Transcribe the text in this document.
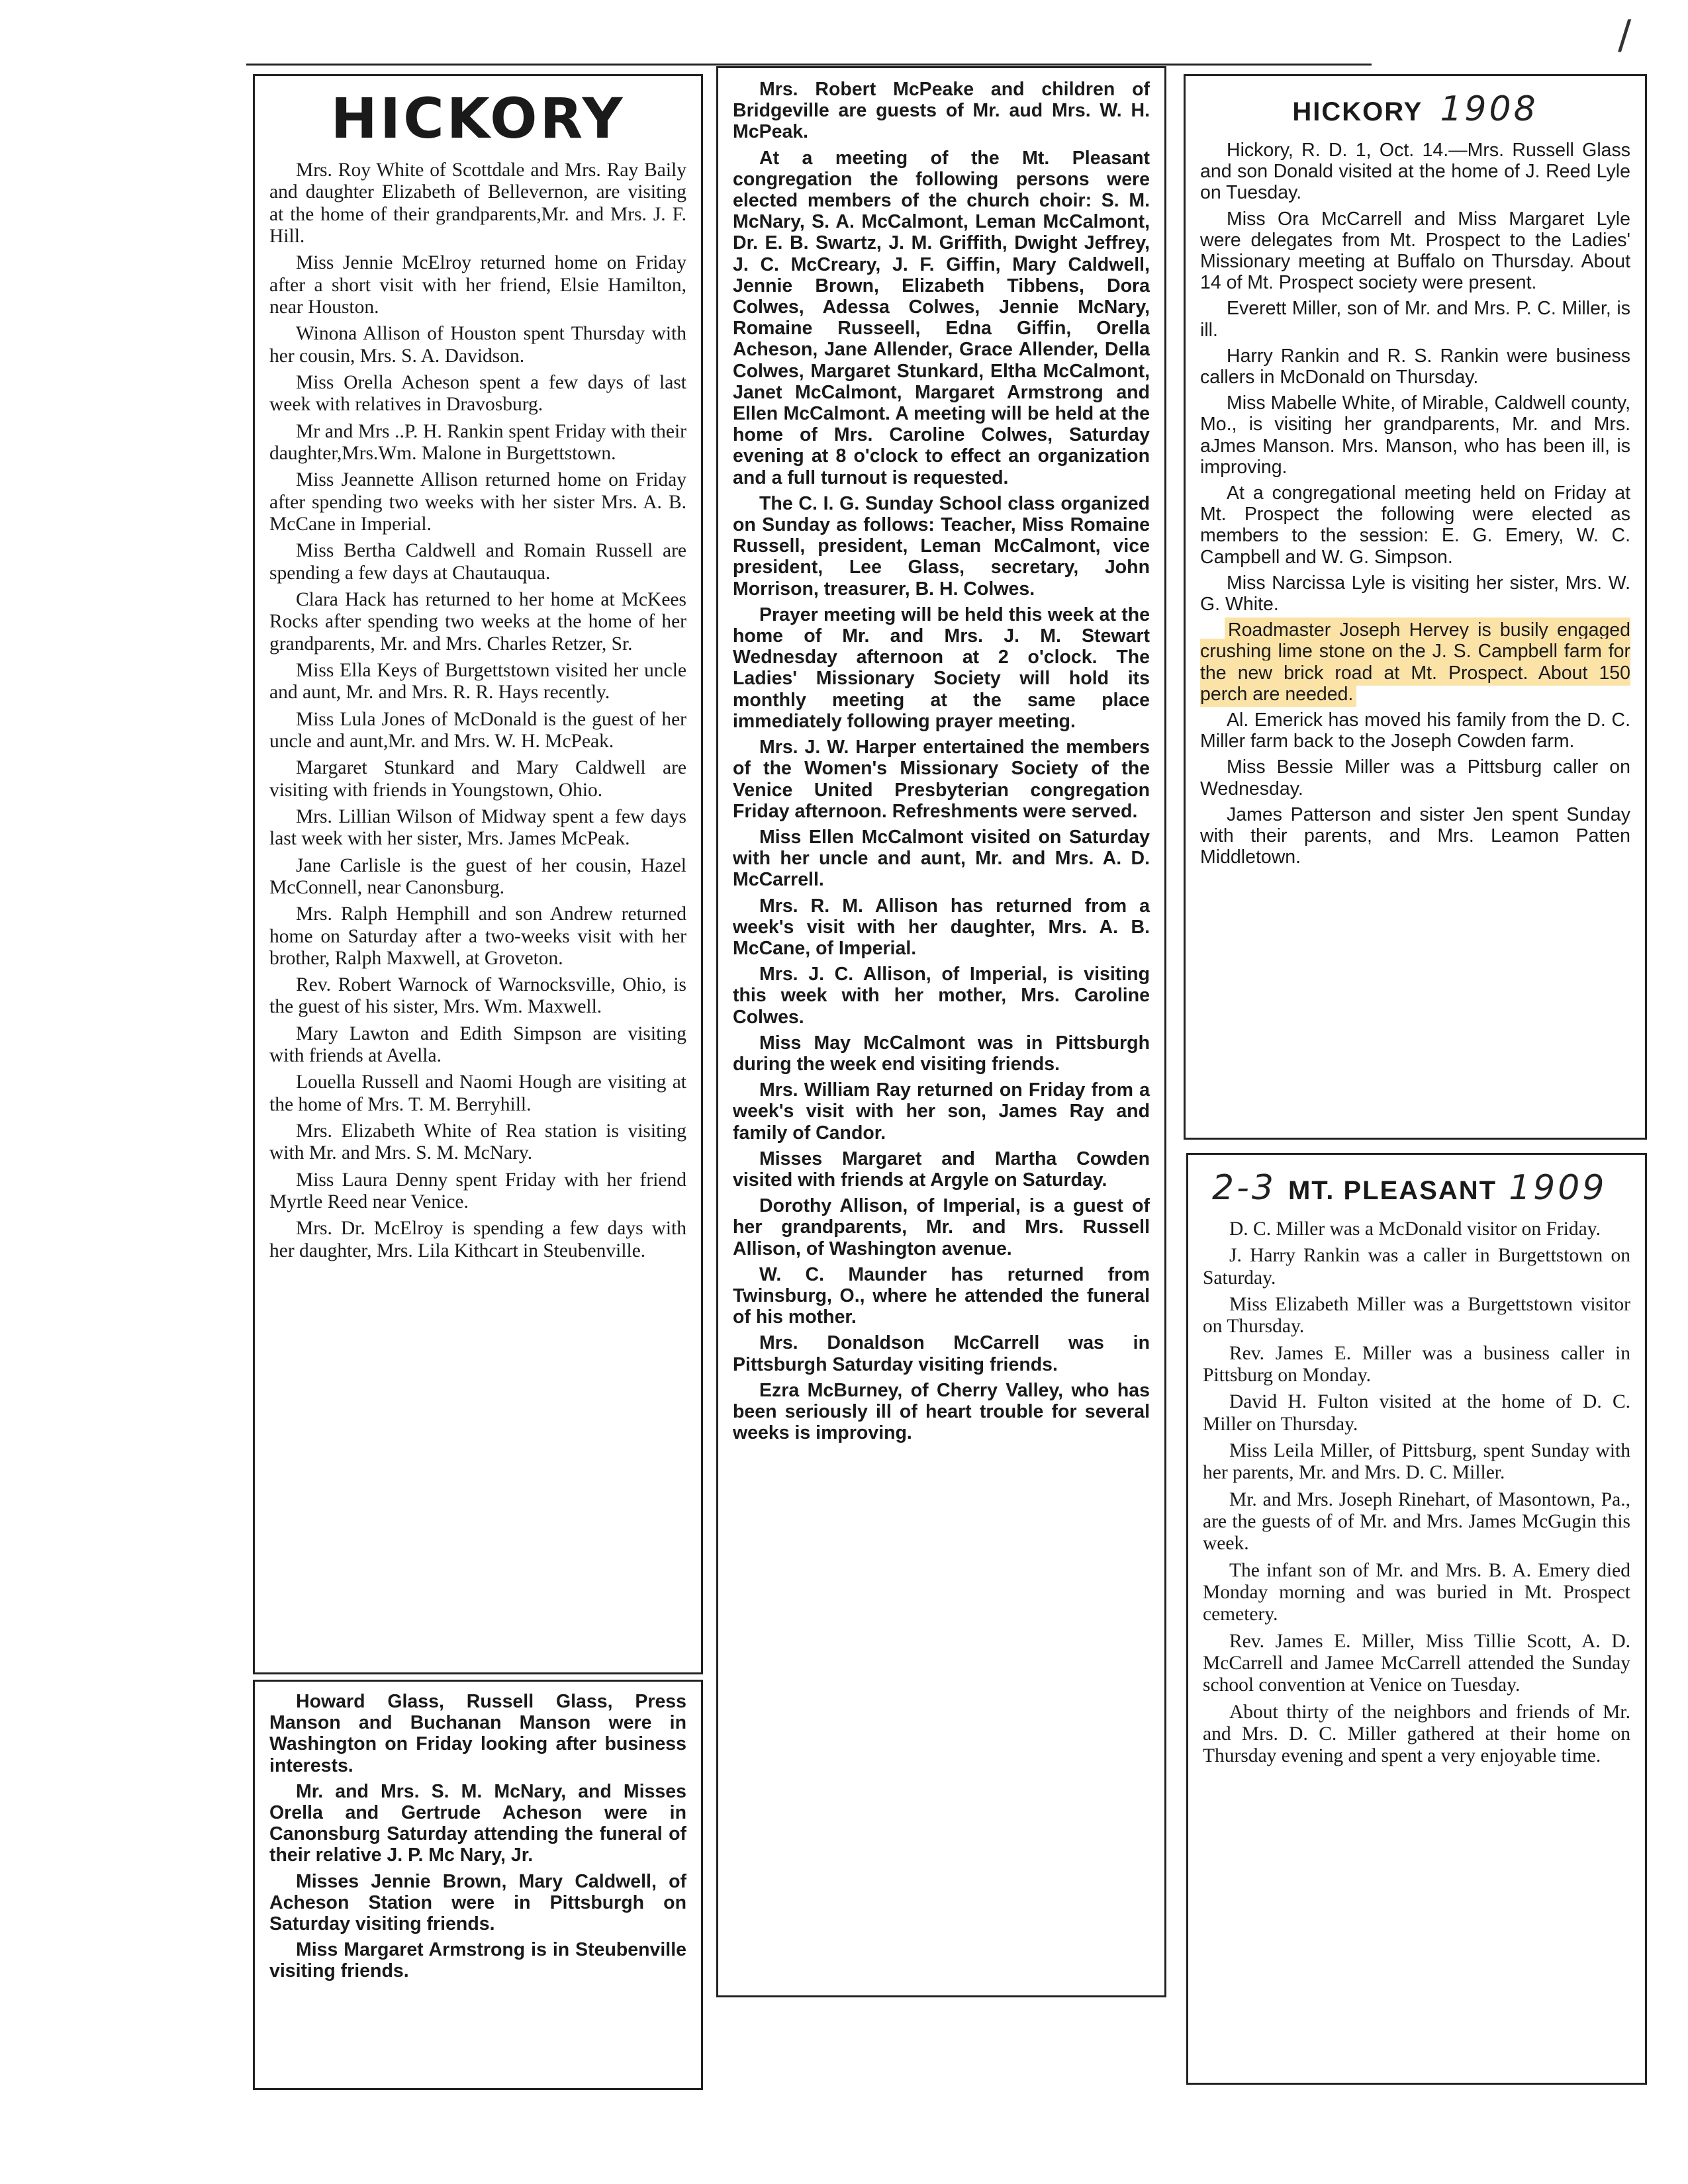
/
HICKORY

Mrs. Roy White of Scottdale and Mrs. Ray Baily and daughter Elizabeth of Bellevernon, are visiting at the home of their grandparents,Mr. and Mrs. J. F. Hill.

Miss Jennie McElroy returned home on Friday after a short visit with her friend, Elsie Hamilton, near Houston.

Winona Allison of Houston spent Thursday with her cousin, Mrs. S. A. Davidson.

Miss Orella Acheson spent a few days of last week with relatives in Dravosburg.

Mr and Mrs ..P. H. Rankin spent Friday with their daughter,Mrs.Wm. Malone in Burgettstown.

Miss Jeannette Allison returned home on Friday after spending two weeks with her sister Mrs. A. B. McCane in Imperial.

Miss Bertha Caldwell and Romain Russell are spending a few days at Chautauqua.

Clara Hack has returned to her home at McKees Rocks after spending two weeks at the home of her grandparents, Mr. and Mrs. Charles Retzer, Sr.

Miss Ella Keys of Burgettstown visited her uncle and aunt, Mr. and Mrs. R. R. Hays recently.

Miss Lula Jones of McDonald is the guest of her uncle and aunt,Mr. and Mrs. W. H. McPeak.

Margaret Stunkard and Mary Caldwell are visiting with friends in Youngstown, Ohio.

Mrs. Lillian Wilson of Midway spent a few days last week with her sister, Mrs. James McPeak.

Jane Carlisle is the guest of her cousin, Hazel McConnell, near Canonsburg.

Mrs. Ralph Hemphill and son Andrew returned home on Saturday after a two-weeks visit with her brother, Ralph Maxwell, at Groveton.

Rev. Robert Warnock of Warnocksville, Ohio, is the guest of his sister, Mrs. Wm. Maxwell.

Mary Lawton and Edith Simpson are visiting with friends at Avella.

Louella Russell and Naomi Hough are visiting at the home of Mrs. T. M. Berryhill.

Mrs. Elizabeth White of Rea station is visiting with Mr. and Mrs. S. M. McNary.

Miss Laura Denny spent Friday with her friend Myrtle Reed near Venice.

Mrs. Dr. McElroy is spending a few days with her daughter, Mrs. Lila Kithcart in Steubenville.

Howard Glass, Russell Glass, Press Manson and Buchanan Manson were in Washington on Friday looking after business interests.

Mr. and Mrs. S. M. McNary, and Misses Orella and Gertrude Acheson were in Canonsburg Saturday attending the funeral of their relative J. P. Mc Nary, Jr.

Misses Jennie Brown, Mary Caldwell, of Acheson Station were in Pittsburgh on Saturday visiting friends.

Miss Margaret Armstrong is in Steubenville visiting friends.

Mrs. Robert McPeake and children of Bridgeville are guests of Mr. aud Mrs. W. H. McPeak.

At a meeting of the Mt. Pleasant congregation the following persons were elected members of the church choir: S. M. McNary, S. A. McCalmont, Leman McCalmont, Dr. E. B. Swartz, J. M. Griffith, Dwight Jeffrey, J. C. McCreary, J. F. Giffin, Mary Caldwell, Jennie Brown, Elizabeth Tibbens, Dora Colwes, Adessa Colwes, Jennie McNary, Romaine Russeell, Edna Giffin, Orella Acheson, Jane Allender, Grace Allender, Della Colwes, Margaret Stunkard, Eltha McCalmont, Janet McCalmont, Margaret Armstrong and Ellen McCalmont. A meeting will be held at the home of Mrs. Caroline Colwes, Saturday evening at 8 o'clock to effect an organization and a full turnout is requested.

The C. I. G. Sunday School class organized on Sunday as follows: Teacher, Miss Romaine Russell, president, Leman McCalmont, vice president, Lee Glass, secretary, John Morrison, treasurer, B. H. Colwes.

Prayer meeting will be held this week at the home of Mr. and Mrs. J. M. Stewart Wednesday afternoon at 2 o'clock. The Ladies' Missionary Society will hold its monthly meeting at the same place immediately following prayer meeting.

Mrs. J. W. Harper entertained the members of the Women's Missionary Society of the Venice United Presbyterian congregation Friday afternoon. Refreshments were served.

Miss Ellen McCalmont visited on Saturday with her uncle and aunt, Mr. and Mrs. A. D. McCarrell.

Mrs. R. M. Allison has returned from a week's visit with her daughter, Mrs. A. B. McCane, of Imperial.

Mrs. J. C. Allison, of Imperial, is visiting this week with her mother, Mrs. Caroline Colwes.

Miss May McCalmont was in Pittsburgh during the week end visiting friends.

Mrs. William Ray returned on Friday from a week's visit with her son, James Ray and family of Candor.

Misses Margaret and Martha Cowden visited with friends at Argyle on Saturday.

Dorothy Allison, of Imperial, is a guest of her grandparents, Mr. and Mrs. Russell Allison, of Washington avenue.

W. C. Maunder has returned from Twinsburg, O., where he attended the funeral of his mother.

Mrs. Donaldson McCarrell was in Pittsburgh Saturday visiting friends.

Ezra McBurney, of Cherry Valley, who has been seriously ill of heart trouble for several weeks is improving.

HICKORY 1908

Hickory, R. D. 1, Oct. 14.—Mrs. Russell Glass and son Donald visited at the home of J. Reed Lyle on Tuesday.

Miss Ora McCarrell and Miss Margaret Lyle were delegates from Mt. Prospect to the Ladies' Missionary meeting at Buffalo on Thursday. About 14 of Mt. Prospect society were present.

Everett Miller, son of Mr. and Mrs. P. C. Miller, is ill.

Harry Rankin and R. S. Rankin were business callers in McDonald on Thursday.

Miss Mabelle White, of Mirable, Caldwell county, Mo., is visiting her grandparents, Mr. and Mrs. aJmes Manson. Mrs. Manson, who has been ill, is improving.

At a congregational meeting held on Friday at Mt. Prospect the following were elected as members to the session: E. G. Emery, W. C. Campbell and W. G. Simpson.

Miss Narcissa Lyle is visiting her sister, Mrs. W. G. White.

Roadmaster Joseph Hervey is busily engaged crushing lime stone on the J. S. Campbell farm for the new brick road at Mt. Prospect. About 150 perch are needed.

Al. Emerick has moved his family from the D. C. Miller farm back to the Joseph Cowden farm.

Miss Bessie Miller was a Pittsburg caller on Wednesday.

James Patterson and sister Jen spent Sunday with their parents, and Mrs. Leamon Patten Middletown.

2-3 MT. PLEASANT 1909

D. C. Miller was a McDonald visitor on Friday.

J. Harry Rankin was a caller in Burgettstown on Saturday.

Miss Elizabeth Miller was a Burgettstown visitor on Thursday.

Rev. James E. Miller was a business caller in Pittsburg on Monday.

David H. Fulton visited at the home of D. C. Miller on Thursday.

Miss Leila Miller, of Pittsburg, spent Sunday with her parents, Mr. and Mrs. D. C. Miller.

Mr. and Mrs. Joseph Rinehart, of Masontown, Pa., are the guests of of Mr. and Mrs. James McGugin this week.

The infant son of Mr. and Mrs. B. A. Emery died Monday morning and was buried in Mt. Prospect cemetery.

Rev. James E. Miller, Miss Tillie Scott, A. D. McCarrell and Jamee McCarrell attended the Sunday school convention at Venice on Tuesday.

About thirty of the neighbors and friends of Mr. and Mrs. D. C. Miller gathered at their home on Thursday evening and spent a very enjoyable time.
